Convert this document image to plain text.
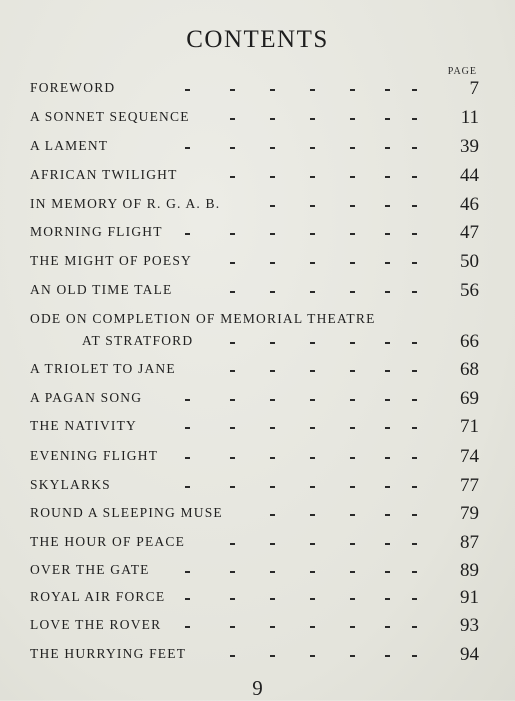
CONTENTS
PAGE
FOREWORD	7
A SONNET SEQUENCE	11
A LAMENT	39
AFRICAN TWILIGHT	44
IN MEMORY OF R. G. A. B.	46
MORNING FLIGHT	47
THE MIGHT OF POESY	50
AN OLD TIME TALE	56
ODE ON COMPLETION OF MEMORIAL THEATRE
AT STRATFORD	66
A TRIOLET TO JANE	68
A PAGAN SONG	69
THE NATIVITY	71
EVENING FLIGHT	74
SKYLARKS	77
ROUND A SLEEPING MUSE	79
THE HOUR OF PEACE	87
OVER THE GATE	89
ROYAL AIR FORCE	91
LOVE THE ROVER	93
THE HURRYING FEET	94
9
